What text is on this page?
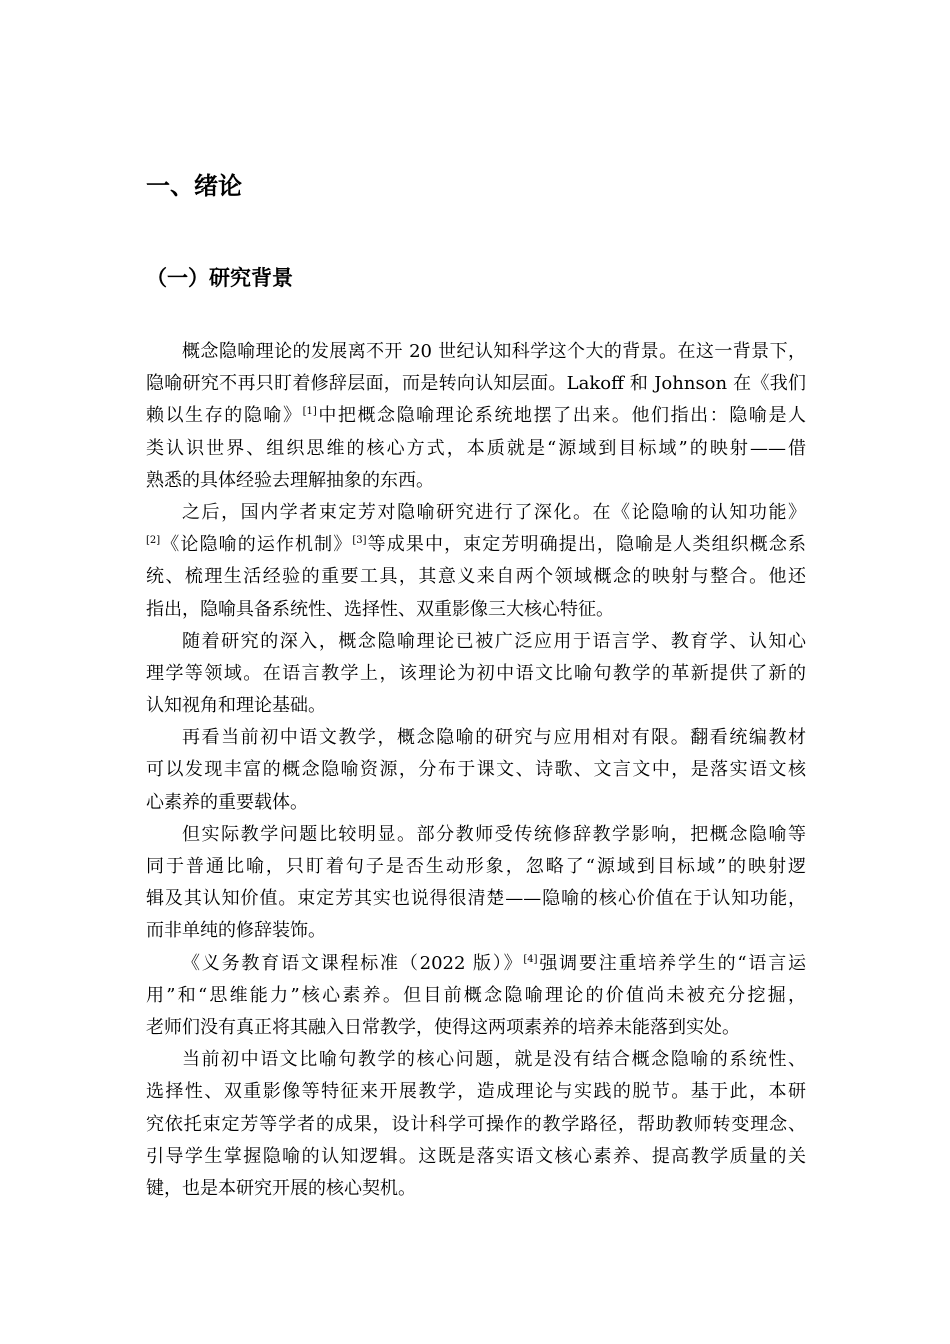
一、绪论
（一）研究背景
概念隐喻理论的发展离不开 20 世纪认知科学这个大的背景。在这一背景下，
隐喻研究不再只盯着修辞层面，而是转向认知层面。Lakoff 和 Johnson 在《我们
赖以生存的隐喻》[1]中把概念隐喻理论系统地摆了出来。他们指出：隐喻是人
类认识世界、组织思维的核心方式，本质就是“源域到目标域”的映射——借
熟悉的具体经验去理解抽象的东西。
之后，国内学者束定芳对隐喻研究进行了深化。在《论隐喻的认知功能》
[2]《论隐喻的运作机制》[3]等成果中，束定芳明确提出，隐喻是人类组织概念系
统、梳理生活经验的重要工具，其意义来自两个领域概念的映射与整合。他还
指出，隐喻具备系统性、选择性、双重影像三大核心特征。
随着研究的深入，概念隐喻理论已被广泛应用于语言学、教育学、认知心
理学等领域。在语言教学上，该理论为初中语文比喻句教学的革新提供了新的
认知视角和理论基础。
再看当前初中语文教学，概念隐喻的研究与应用相对有限。翻看统编教材
可以发现丰富的概念隐喻资源，分布于课文、诗歌、文言文中，是落实语文核
心素养的重要载体。
但实际教学问题比较明显。部分教师受传统修辞教学影响，把概念隐喻等
同于普通比喻，只盯着句子是否生动形象，忽略了“源域到目标域”的映射逻
辑及其认知价值。束定芳其实也说得很清楚——隐喻的核心价值在于认知功能，
而非单纯的修辞装饰。
《义务教育语文课程标准（2022 版）》[4]强调要注重培养学生的“语言运
用”和“思维能力”核心素养。但目前概念隐喻理论的价值尚未被充分挖掘，
老师们没有真正将其融入日常教学，使得这两项素养的培养未能落到实处。
当前初中语文比喻句教学的核心问题，就是没有结合概念隐喻的系统性、
选择性、双重影像等特征来开展教学，造成理论与实践的脱节。基于此，本研
究依托束定芳等学者的成果，设计科学可操作的教学路径，帮助教师转变理念、
引导学生掌握隐喻的认知逻辑。这既是落实语文核心素养、提高教学质量的关
键，也是本研究开展的核心契机。
